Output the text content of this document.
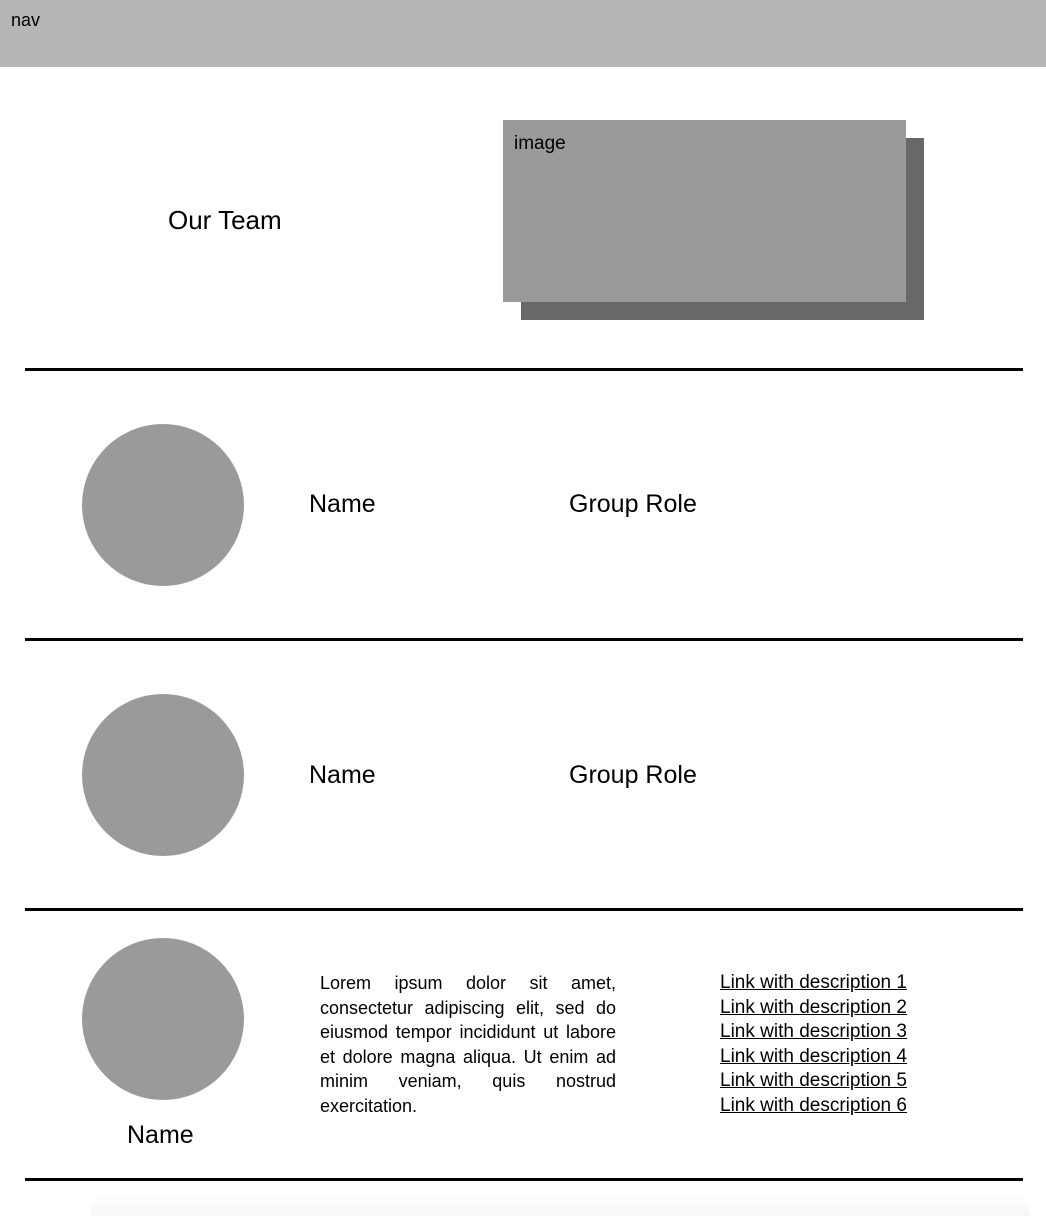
nav
Our Team
image
Name	Group Role
Name	Group Role
Name
Lorem ipsum dolor sit amet, consectetur adipiscing elit, sed do eiusmod tempor incididunt ut labore et dolore magna aliqua. Ut enim ad minim veniam, quis nostrud exercitation.
Link with description 1
Link with description 2
Link with description 3
Link with description 4
Link with description 5
Link with description 6
